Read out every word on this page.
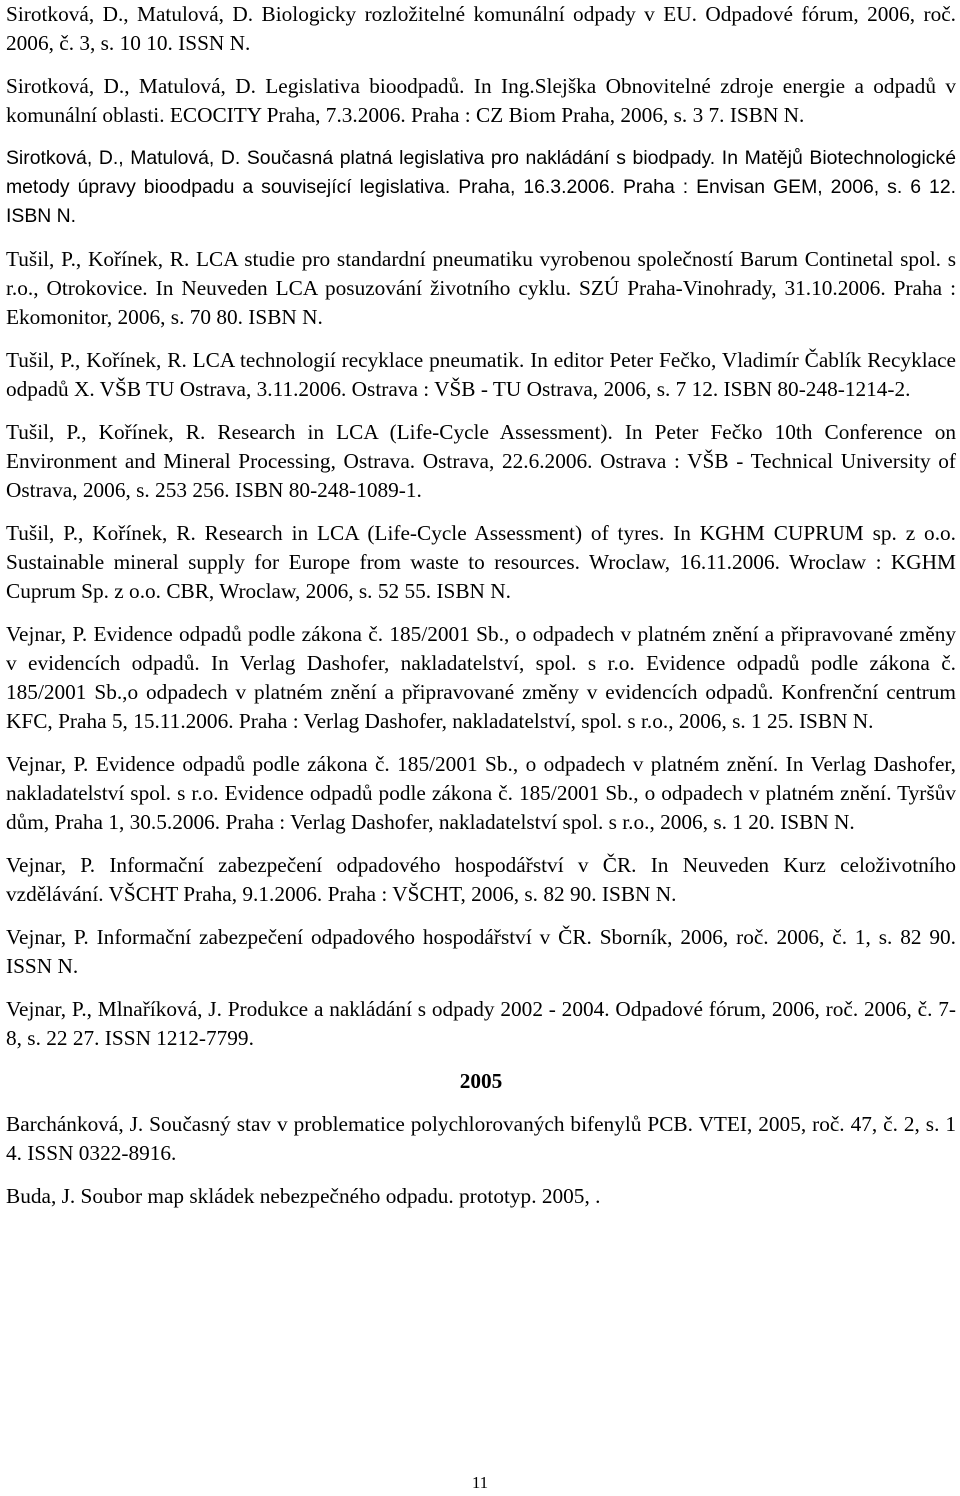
Sirotková, D., Matulová, D. Biologicky rozložitelné komunální odpady v EU. Odpadové fórum, 2006, roč. 2006, č. 3, s. 10 10. ISSN N.

Sirotková, D., Matulová, D. Legislativa bioodpadů. In Ing.Slejška Obnovitelné zdroje energie a odpadů v komunální oblasti. ECOCITY Praha, 7.3.2006. Praha : CZ Biom Praha, 2006, s. 3 7. ISBN N.

Sirotková, D., Matulová, D. Současná platná legislativa pro nakládání s biodpady. In Matějů Biotechnologické metody úpravy bioodpadu a související legislativa. Praha, 16.3.2006. Praha : Envisan GEM, 2006, s. 6 12. ISBN N.

Tušil, P., Kořínek, R. LCA studie pro standardní pneumatiku vyrobenou společností Barum Continetal spol. s r.o., Otrokovice. In Neuveden LCA posuzování životního cyklu. SZÚ Praha-Vinohrady, 31.10.2006. Praha : Ekomonitor, 2006, s. 70 80. ISBN N.

Tušil, P., Kořínek, R. LCA technologií recyklace pneumatik. In editor Peter Fečko, Vladimír Čablík Recyklace odpadů X. VŠB TU Ostrava, 3.11.2006. Ostrava : VŠB - TU Ostrava, 2006, s. 7 12. ISBN 80-248-1214-2.

Tušil, P., Kořínek, R. Research in LCA (Life-Cycle Assessment). In Peter Fečko 10th Conference on Environment and Mineral Processing, Ostrava. Ostrava, 22.6.2006. Ostrava : VŠB - Technical University of Ostrava, 2006, s. 253 256. ISBN 80-248-1089-1.

Tušil, P., Kořínek, R. Research in LCA (Life-Cycle Assessment) of tyres. In KGHM CUPRUM sp. z o.o. Sustainable mineral supply for Europe from waste to resources. Wroclaw, 16.11.2006. Wroclaw : KGHM Cuprum Sp. z o.o. CBR, Wroclaw, 2006, s. 52 55. ISBN N.

Vejnar, P. Evidence odpadů podle zákona č. 185/2001 Sb., o odpadech v platném znění a připravované změny v evidencích odpadů. In Verlag Dashofer, nakladatelství, spol. s r.o. Evidence odpadů podle zákona č. 185/2001 Sb.,o odpadech v platném znění a připravované změny v evidencích odpadů. Konfrenční centrum KFC, Praha 5, 15.11.2006. Praha : Verlag Dashofer, nakladatelství, spol. s r.o., 2006, s. 1 25. ISBN N.

Vejnar, P. Evidence odpadů podle zákona č. 185/2001 Sb., o odpadech v platném znění. In Verlag Dashofer, nakladatelství spol. s r.o. Evidence odpadů podle zákona č. 185/2001 Sb., o odpadech v platném znění. Tyršův dům, Praha 1, 30.5.2006. Praha : Verlag Dashofer, nakladatelství spol. s r.o., 2006, s. 1 20. ISBN N.

Vejnar, P. Informační zabezpečení odpadového hospodářství v ČR. In Neuveden Kurz celoživotního vzdělávání. VŠCHT Praha, 9.1.2006. Praha : VŠCHT, 2006, s. 82 90. ISBN N.

Vejnar, P. Informační zabezpečení odpadového hospodářství v ČR. Sborník, 2006, roč. 2006, č. 1, s. 82 90. ISSN N.

Vejnar, P., Mlnaříková, J. Produkce a nakládání s odpady 2002 - 2004. Odpadové fórum, 2006, roč. 2006, č. 7-8, s. 22 27. ISSN 1212-7799.

2005

Barchánková, J. Současný stav v problematice polychlorovaných bifenylů PCB. VTEI, 2005, roč. 47, č. 2, s. 1 4. ISSN 0322-8916.

Buda, J. Soubor map skládek nebezpečného odpadu. prototyp. 2005, .

11
